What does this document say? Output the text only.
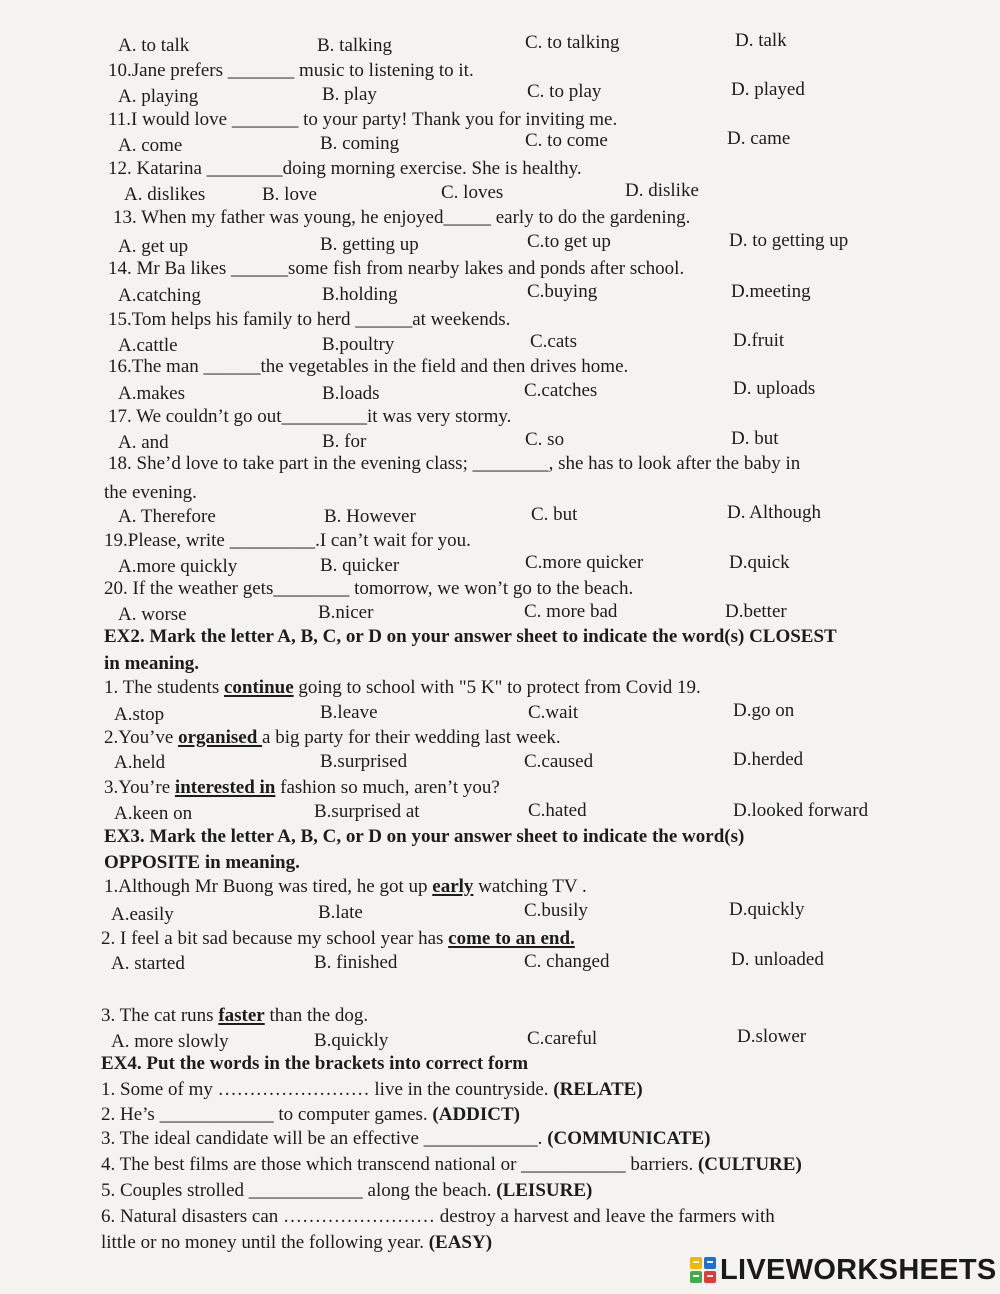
A. to talk	B. talking	C. to talking	D. talk
10.Jane prefers _______ music to listening to it.
A. playing	B. play	C. to play	D. played
11.I would love _______ to your party! Thank you for inviting me.
A. come	B. coming	C. to come	D. came
12. Katarina ________doing morning exercise. She is healthy.
A. dislikes	B. love	C. loves	D. dislike
13. When my father was young, he enjoyed_____ early to do the gardening.
A. get up	B. getting up	C.to get up	D. to getting up
14. Mr Ba likes ______some fish from nearby lakes and ponds after school.
A.catching	B.holding	C.buying	D.meeting
15.Tom helps his family to herd ______at weekends.
A.cattle	B.poultry	C.cats	D.fruit
16.The man ______the vegetables in the field and then drives home.
A.makes	B.loads	C.catches	D. uploads
17. We couldn’t go out_________it was very stormy.
A. and	B. for	C. so	D. but
18. She’d love to take part in the evening class; ________, she has to look after the baby in
the evening.
A. Therefore	B. However	C. but	D. Although
19.Please, write _________.I can’t wait for you.
A.more quickly	B. quicker	C.more quicker	D.quick
20. If the weather gets________ tomorrow, we won’t go to the beach.
A. worse	B.nicer	C. more bad	D.better
EX2. Mark the letter A, B, C, or D on your answer sheet to indicate the word(s) CLOSEST
in meaning.
1. The students continue going to school with "5 K" to protect from Covid 19.
A.stop	B.leave	C.wait	D.go on
2.You’ve organised a big party for their wedding last week.
A.held	B.surprised	C.caused	D.herded
3.You’re interested in fashion so much, aren’t you?
A.keen on	B.surprised at	C.hated	D.looked forward
EX3. Mark the letter A, B, C, or D on your answer sheet to indicate the word(s)
OPPOSITE in meaning.
1.Although Mr Buong was tired, he got up early watching TV .
A.easily	B.late	C.busily	D.quickly
2. I feel a bit sad because my school year has come to an end.
A. started	B. finished	C. changed	D. unloaded
3. The cat runs faster than the dog.
A. more slowly	B.quickly	C.careful	D.slower
EX4. Put the words in the brackets into correct form
1. Some of my …………………… live in the countryside. (RELATE)
2. He’s ____________ to computer games. (ADDICT)
3. The ideal candidate will be an effective ____________. (COMMUNICATE)
4. The best films are those which transcend national or ___________ barriers. (CULTURE)
5. Couples strolled ____________ along the beach. (LEISURE)
6. Natural disasters can …………………… destroy a harvest and leave the farmers with
little or no money until the following year. (EASY)
LIVEWORKSHEETS
